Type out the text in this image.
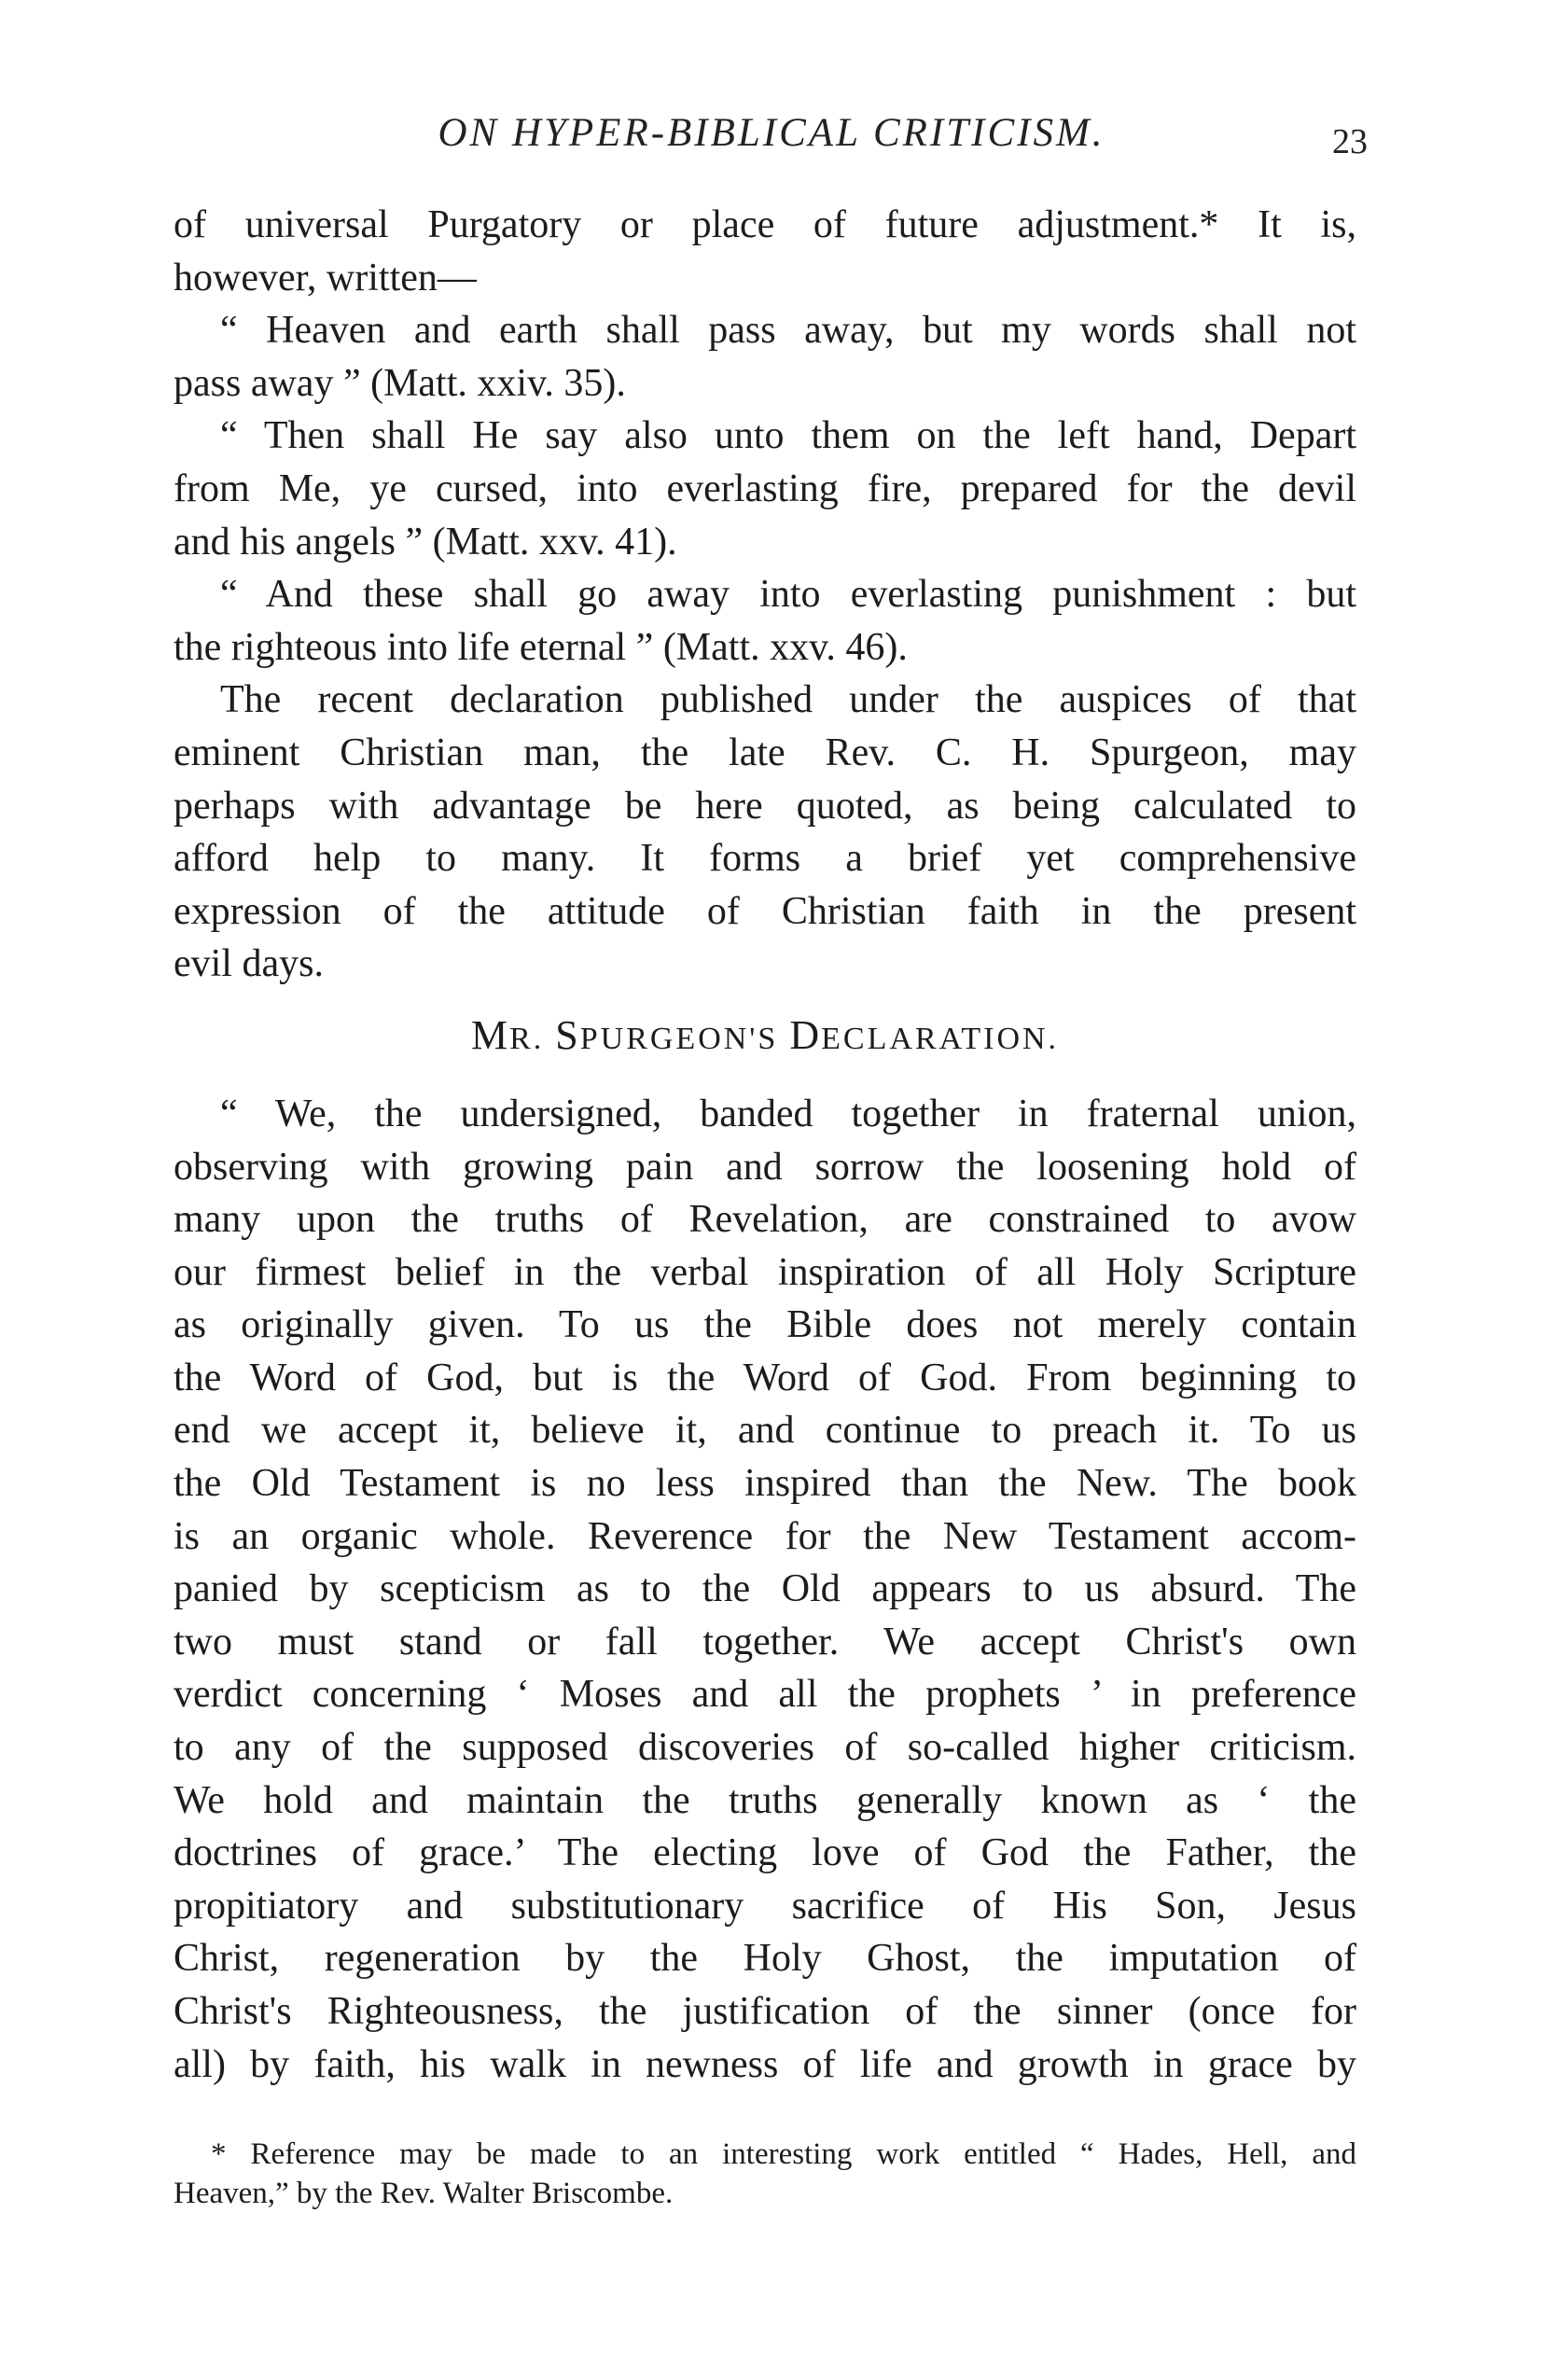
ON HYPER-BIBLICAL CRITICISM.	23
of universal Purgatory or place of future adjustment.* It is,
however, written—
“ Heaven and earth shall pass away, but my words shall not
pass away ” (Matt. xxiv. 35).
“ Then shall He say also unto them on the left hand, Depart
from Me, ye cursed, into everlasting fire, prepared for the devil
and his angels ” (Matt. xxv. 41).
“ And these shall go away into everlasting punishment : but
the righteous into life eternal ” (Matt. xxv. 46).
The recent declaration published under the auspices of that
eminent Christian man, the late Rev. C. H. Spurgeon, may
perhaps with advantage be here quoted, as being calculated to
afford help to many. It forms a brief yet comprehensive
expression of the attitude of Christian faith in the present
evil days.
MR. SPURGEON'S DECLARATION.
“ We, the undersigned, banded together in fraternal union,
observing with growing pain and sorrow the loosening hold of
many upon the truths of Revelation, are constrained to avow
our firmest belief in the verbal inspiration of all Holy Scripture
as originally given. To us the Bible does not merely contain
the Word of God, but is the Word of God. From beginning to
end we accept it, believe it, and continue to preach it. To us
the Old Testament is no less inspired than the New. The book
is an organic whole. Reverence for the New Testament accom-
panied by scepticism as to the Old appears to us absurd. The
two must stand or fall together. We accept Christ's own
verdict concerning ‘ Moses and all the prophets ’ in preference
to any of the supposed discoveries of so-called higher criticism.
We hold and maintain the truths generally known as ‘ the
doctrines of grace.’ The electing love of God the Father, the
propitiatory and substitutionary sacrifice of His Son, Jesus
Christ, regeneration by the Holy Ghost, the imputation of
Christ's Righteousness, the justification of the sinner (once for
all) by faith, his walk in newness of life and growth in grace by
* Reference may be made to an interesting work entitled “ Hades, Hell, and
Heaven,” by the Rev. Walter Briscombe.
